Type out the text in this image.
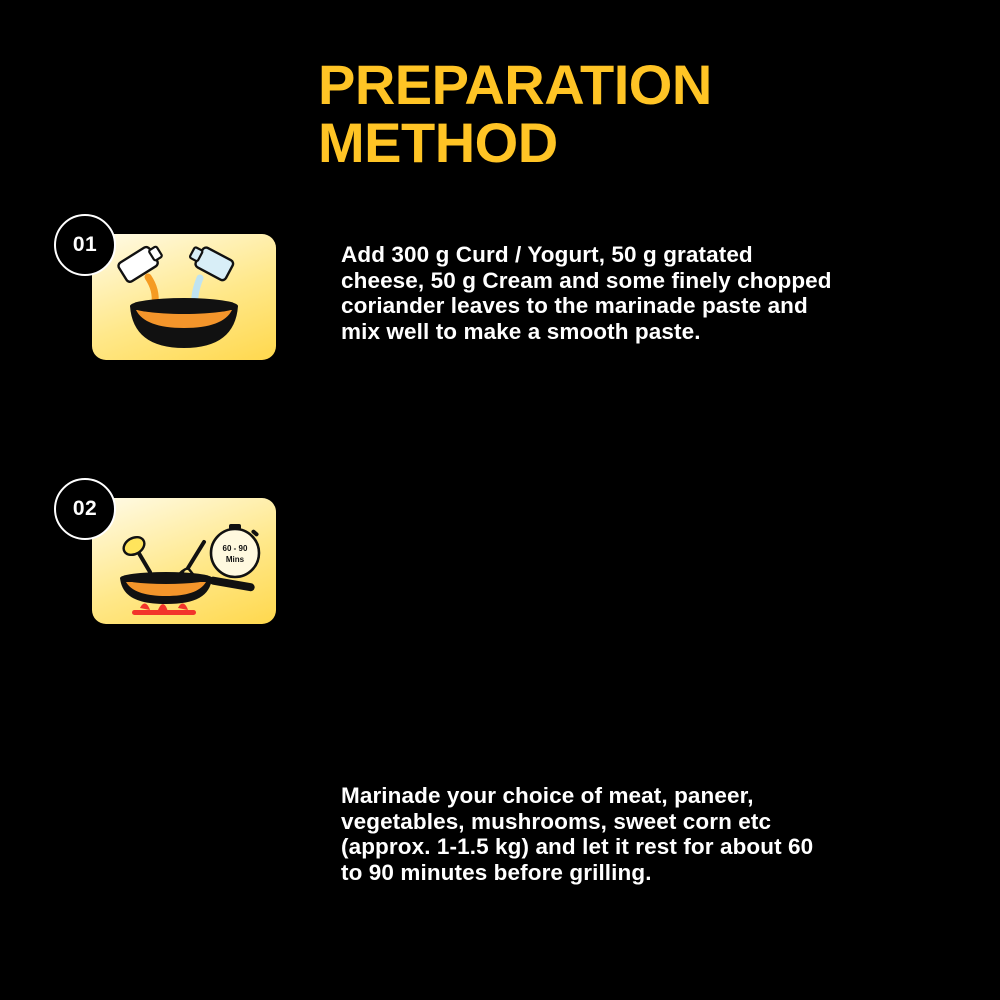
PREPARATION
METHOD
01	Add 300 g Curd / Yogurt, 50 g gratated cheese, 50 g Cream and some finely chopped coriander leaves to the marinade paste and mix well to make a smooth paste.
60 - 90
Mins
02
Marinade your choice of meat, paneer, vegetables, mushrooms, sweet corn etc (approx. 1-1.5 kg) and let it rest for about 60 to 90 minutes before grilling.
